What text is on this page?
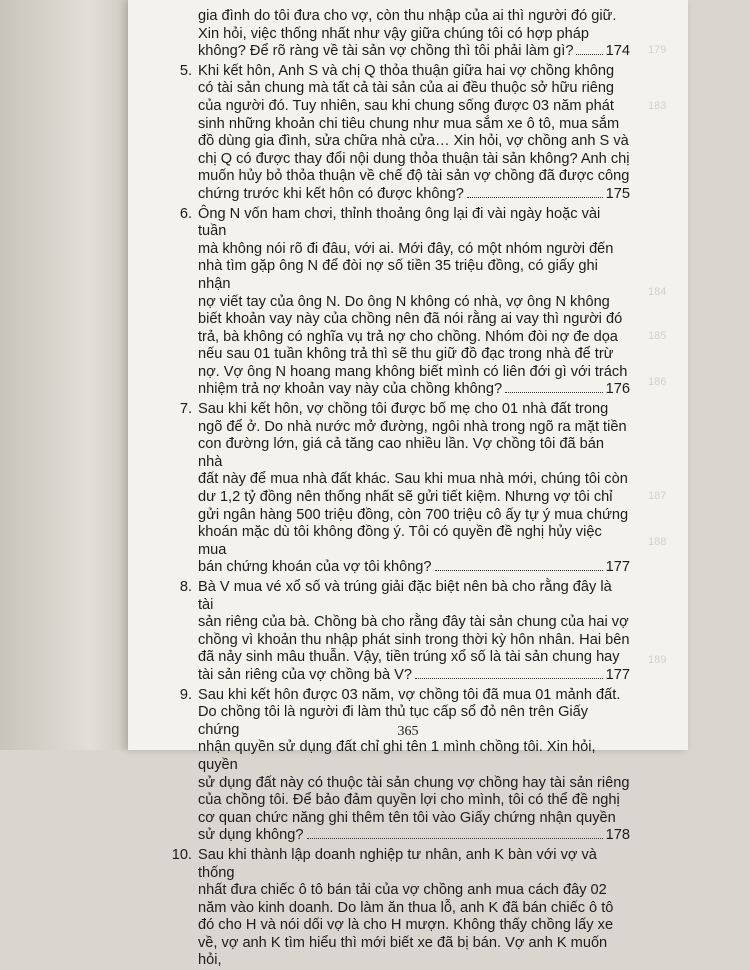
179
183
184
185
186
187
188
189
gia đình do tôi đưa cho vợ, còn thu nhập của ai thì người đó giữ.
Xin hỏi, việc thống nhất như vậy giữa chúng tôi có hợp pháp
không? Để rõ ràng về tài sản vợ chồng thì tôi phải làm gì? 174
5. Khi kết hôn, Anh S và chị Q thỏa thuận giữa hai vợ chồng không
có tài sản chung mà tất cả tài sản của ai đều thuộc sở hữu riêng
của người đó. Tuy nhiên, sau khi chung sống được 03 năm phát
sinh những khoản chi tiêu chung như mua sắm xe ô tô, mua sắm
đồ dùng gia đình, sửa chữa nhà cửa… Xin hỏi, vợ chồng anh S và
chị Q có được thay đổi nội dung thỏa thuận tài sản không? Anh chị
muốn hủy bỏ thỏa thuận về chế độ tài sản vợ chồng đã được công
chứng trước khi kết hôn có được không?	175
6. Ông N vốn ham chơi, thỉnh thoảng ông lại đi vài ngày hoặc vài tuần
mà không nói rõ đi đâu, với ai. Mới đây, có một nhóm người đến
nhà tìm gặp ông N để đòi nợ số tiền 35 triệu đồng, có giấy ghi nhận
nợ viết tay của ông N. Do ông N không có nhà, vợ ông N không
biết khoản vay này của chồng nên đã nói rằng ai vay thì người đó
trả, bà không có nghĩa vụ trả nợ cho chồng. Nhóm đòi nợ đe dọa
nếu sau 01 tuần không trả thì sẽ thu giữ đồ đạc trong nhà để trừ
nợ. Vợ ông N hoang mang không biết mình có liên đới gì với trách
nhiệm trả nợ khoản vay này của chồng không?	176
7. Sau khi kết hôn, vợ chồng tôi được bố mẹ cho 01 nhà đất trong
ngõ để ở. Do nhà nước mở đường, ngôi nhà trong ngõ ra mặt tiền
con đường lớn, giá cả tăng cao nhiều lần. Vợ chồng tôi đã bán nhà
đất này để mua nhà đất khác. Sau khi mua nhà mới, chúng tôi còn
dư 1,2 tỷ đồng nên thống nhất sẽ gửi tiết kiệm. Nhưng vợ tôi chỉ
gửi ngân hàng 500 triệu đồng, còn 700 triệu cô ấy tự ý mua chứng
khoán mặc dù tôi không đồng ý. Tôi có quyền đề nghị hủy việc mua
bán chứng khoán của vợ tôi không?	177
8. Bà V mua vé xổ số và trúng giải đặc biệt nên bà cho rằng đây là tài
sản riêng của bà. Chồng bà cho rằng đây tài sản chung của hai vợ
chồng vì khoản thu nhập phát sinh trong thời kỳ hôn nhân. Hai bên
đã nảy sinh mâu thuẫn. Vậy, tiền trúng xổ số là tài sản chung hay
tài sản riêng của vợ chồng bà V?	177
9. Sau khi kết hôn được 03 năm, vợ chồng tôi đã mua 01 mảnh đất.
Do chồng tôi là người đi làm thủ tục cấp sổ đỏ nên trên Giấy chứng
nhận quyền sử dụng đất chỉ ghi tên 1 mình chồng tôi. Xin hỏi, quyền
sử dụng đất này có thuộc tài sản chung vợ chồng hay tài sản riêng
của chồng tôi. Để bảo đảm quyền lợi cho mình, tôi có thể đề nghị
cơ quan chức năng ghi thêm tên tôi vào Giấy chứng nhận quyền
sử dụng không?	178
10. Sau khi thành lập doanh nghiệp tư nhân, anh K bàn với vợ và thống
nhất đưa chiếc ô tô bán tải của vợ chồng anh mua cách đây 02
năm vào kinh doanh. Do làm ăn thua lỗ, anh K đã bán chiếc ô tô
đó cho H và nói dối vợ là cho H mượn. Không thấy chồng lấy xe
về, vợ anh K tìm hiểu thì mới biết xe đã bị bán. Vợ anh K muốn hỏi,
365
